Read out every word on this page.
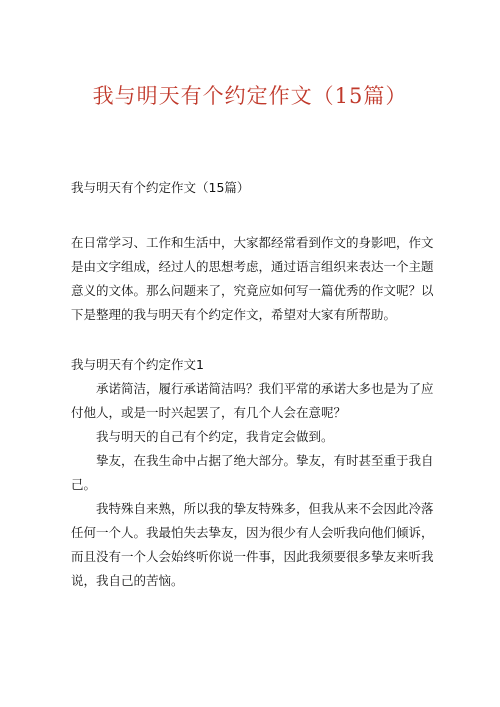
我与明天有个约定作文（15篇）
我与明天有个约定作文（15篇）

在日常学习、工作和生活中，大家都经常看到作文的身影吧，作文是由文字组成，经过人的思想考虑，通过语言组织来表达一个主题意义的文体。那么问题来了，究竟应如何写一篇优秀的作文呢？以下是整理的我与明天有个约定作文，希望对大家有所帮助。

我与明天有个约定作文1

承诺简洁，履行承诺简洁吗？我们平常的承诺大多也是为了应付他人，或是一时兴起罢了，有几个人会在意呢？

我与明天的自己有个约定，我肯定会做到。

挚友，在我生命中占据了绝大部分。挚友，有时甚至重于我自己。

我特殊自来熟，所以我的挚友特殊多，但我从来不会因此冷落任何一个人。我最怕失去挚友，因为很少有人会听我向他们倾诉，而且没有一个人会始终听你说一件事，因此我须要很多挚友来听我说，我自己的苦恼。
